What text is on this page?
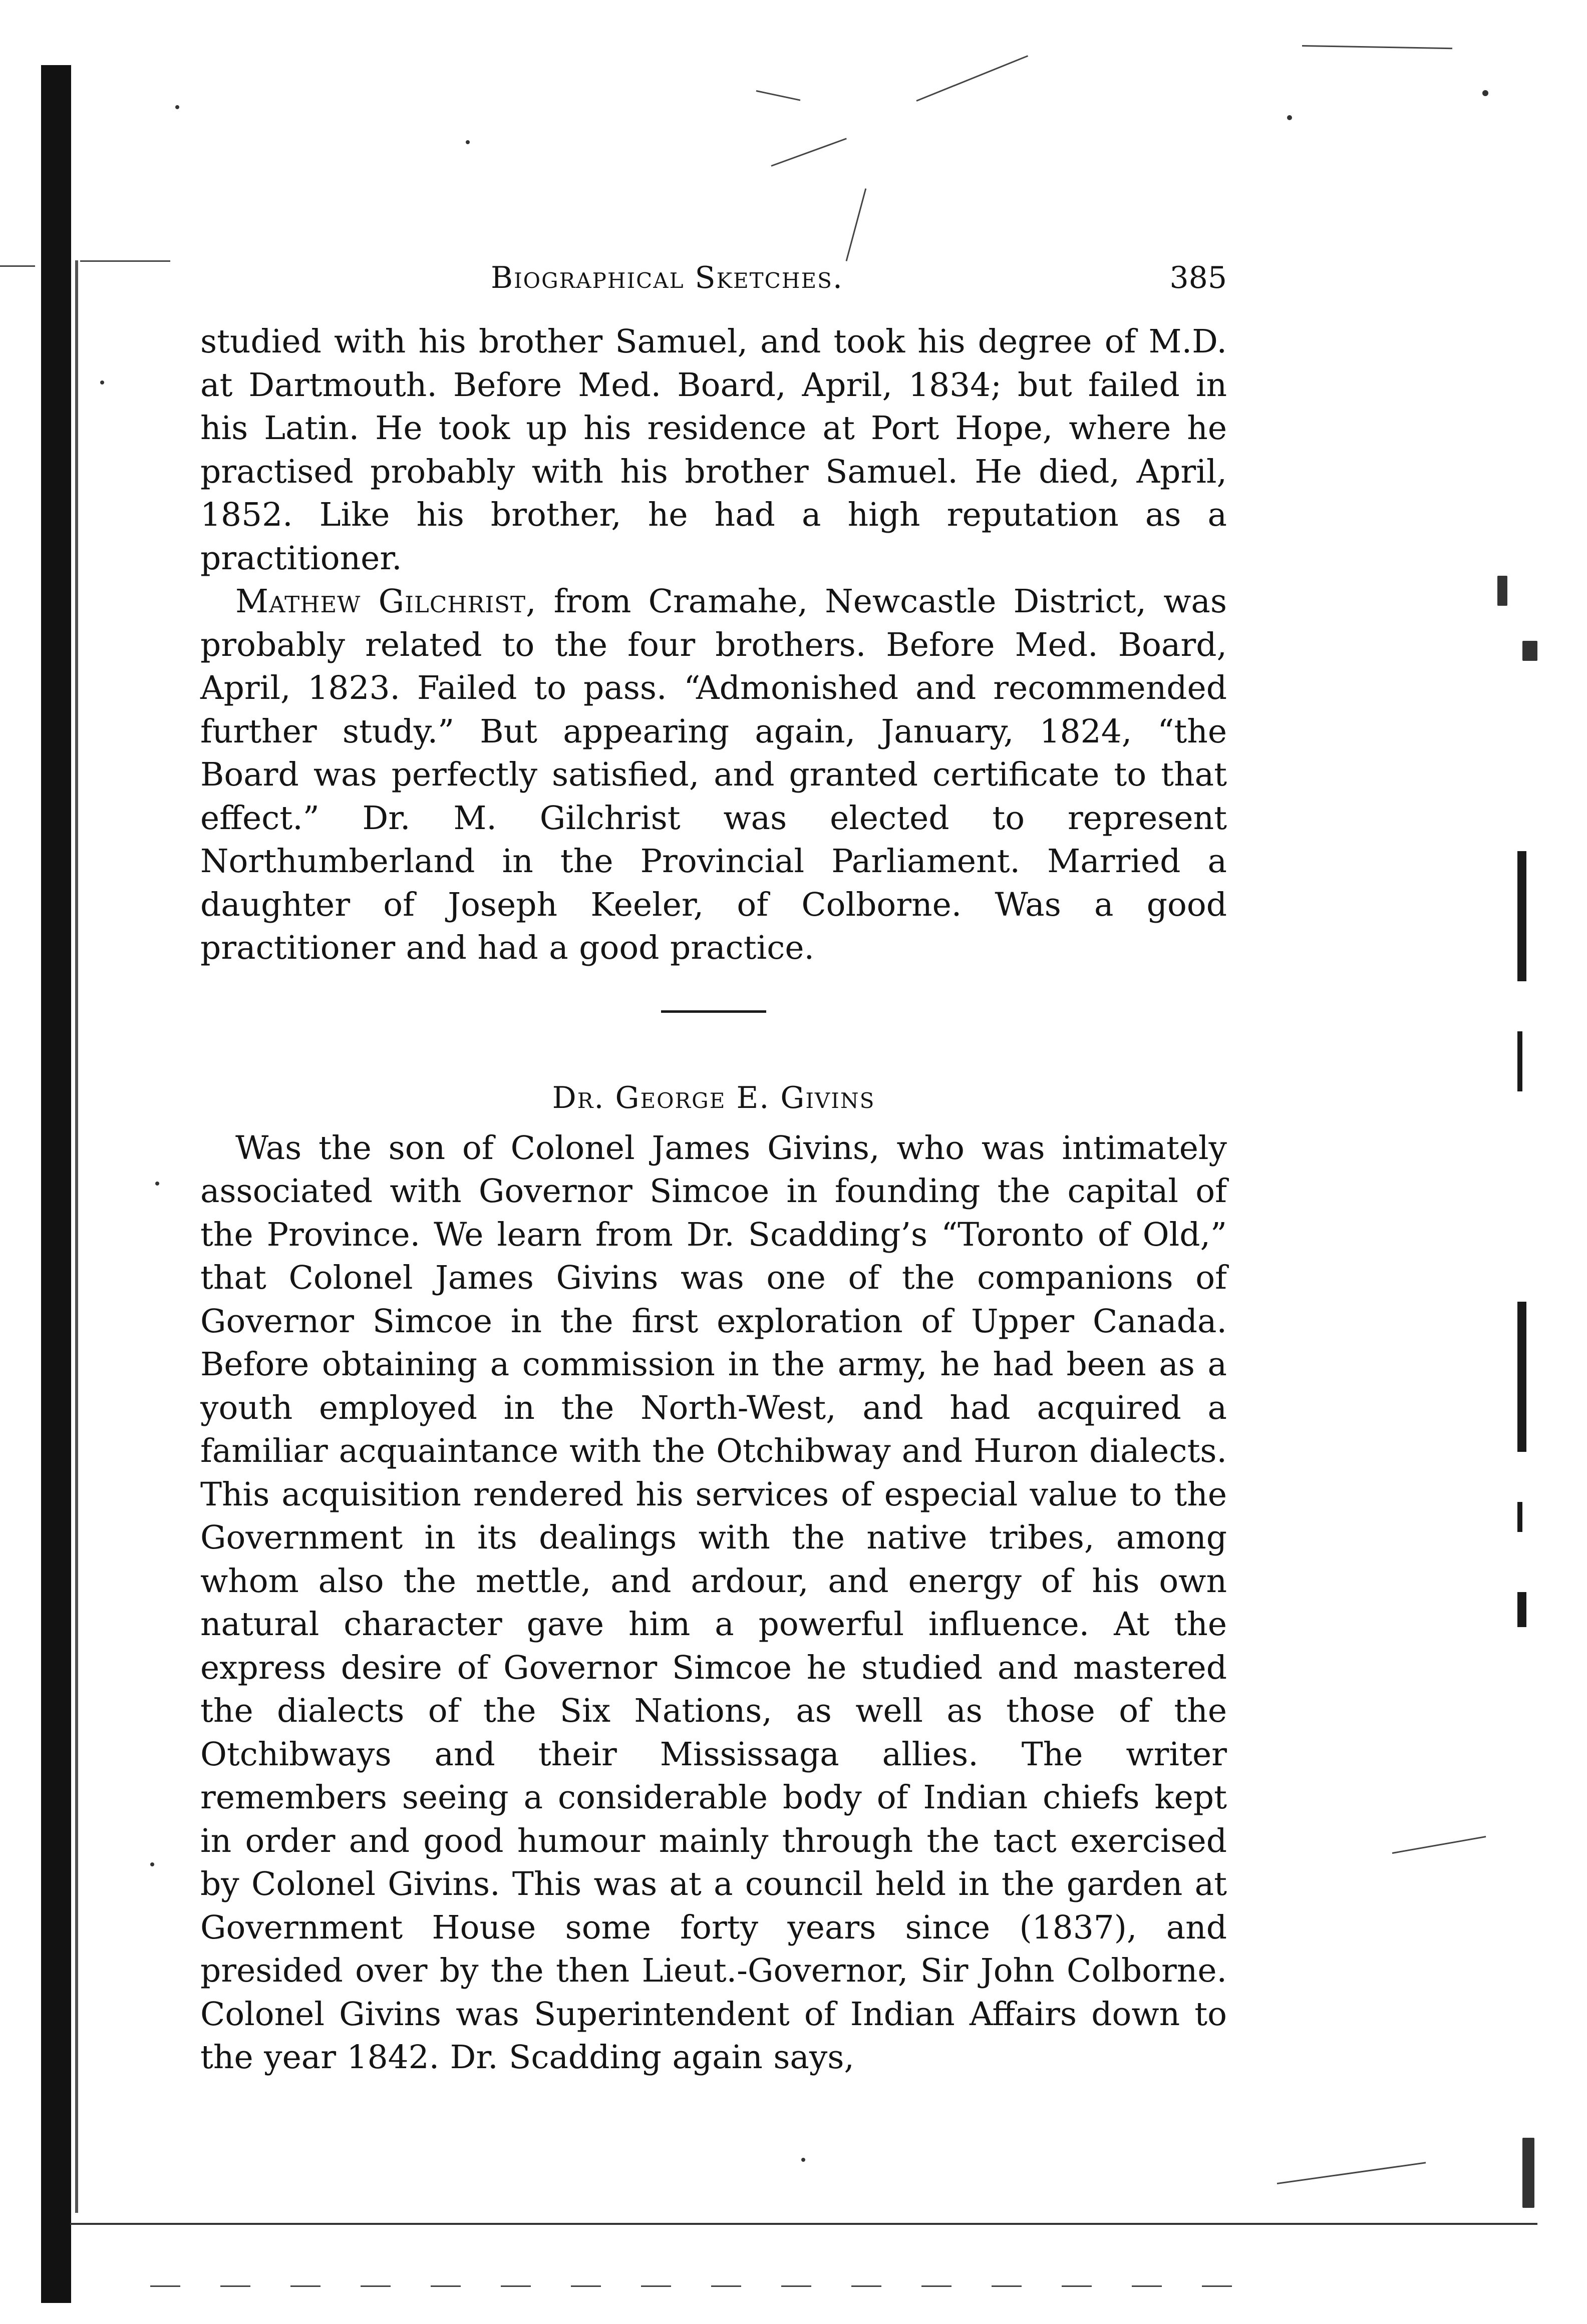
Biographical Sketches.	385

studied with his brother Samuel, and took his degree of M.D. at Dartmouth. Before Med. Board, April, 1834; but failed in his Latin. He took up his residence at Port Hope, where he practised probably with his brother Samuel. He died, April, 1852. Like his brother, he had a high reputation as a practitioner.

Mathew Gilchrist, from Cramahe, Newcastle District, was probably related to the four brothers. Before Med. Board, April, 1823. Failed to pass. “Admonished and recommended further study.” But appearing again, January, 1824, “the Board was perfectly satisfied, and granted certificate to that effect.” Dr. M. Gilchrist was elected to represent Northumberland in the Provincial Parliament. Married a daughter of Joseph Keeler, of Colborne. Was a good practitioner and had a good practice.

Dr. George E. Givins

Was the son of Colonel James Givins, who was intimately associated with Governor Simcoe in founding the capital of the Province. We learn from Dr. Scadding’s “Toronto of Old,” that Colonel James Givins was one of the companions of Governor Simcoe in the first exploration of Upper Canada. Before obtaining a commission in the army, he had been as a youth employed in the North-West, and had acquired a familiar acquaintance with the Otchibway and Huron dialects. This acquisition rendered his services of especial value to the Government in its dealings with the native tribes, among whom also the mettle, and ardour, and energy of his own natural character gave him a powerful influence. At the express desire of Governor Simcoe he studied and mastered the dialects of the Six Nations, as well as those of the Otchibways and their Mississaga allies. The writer remembers seeing a considerable body of Indian chiefs kept in order and good humour mainly through the tact exercised by Colonel Givins. This was at a council held in the garden at Government House some forty years since (1837), and presided over by the then Lieut.-Governor, Sir John Colborne. Colonel Givins was Superintendent of Indian Affairs down to the year 1842. Dr. Scadding again says,
